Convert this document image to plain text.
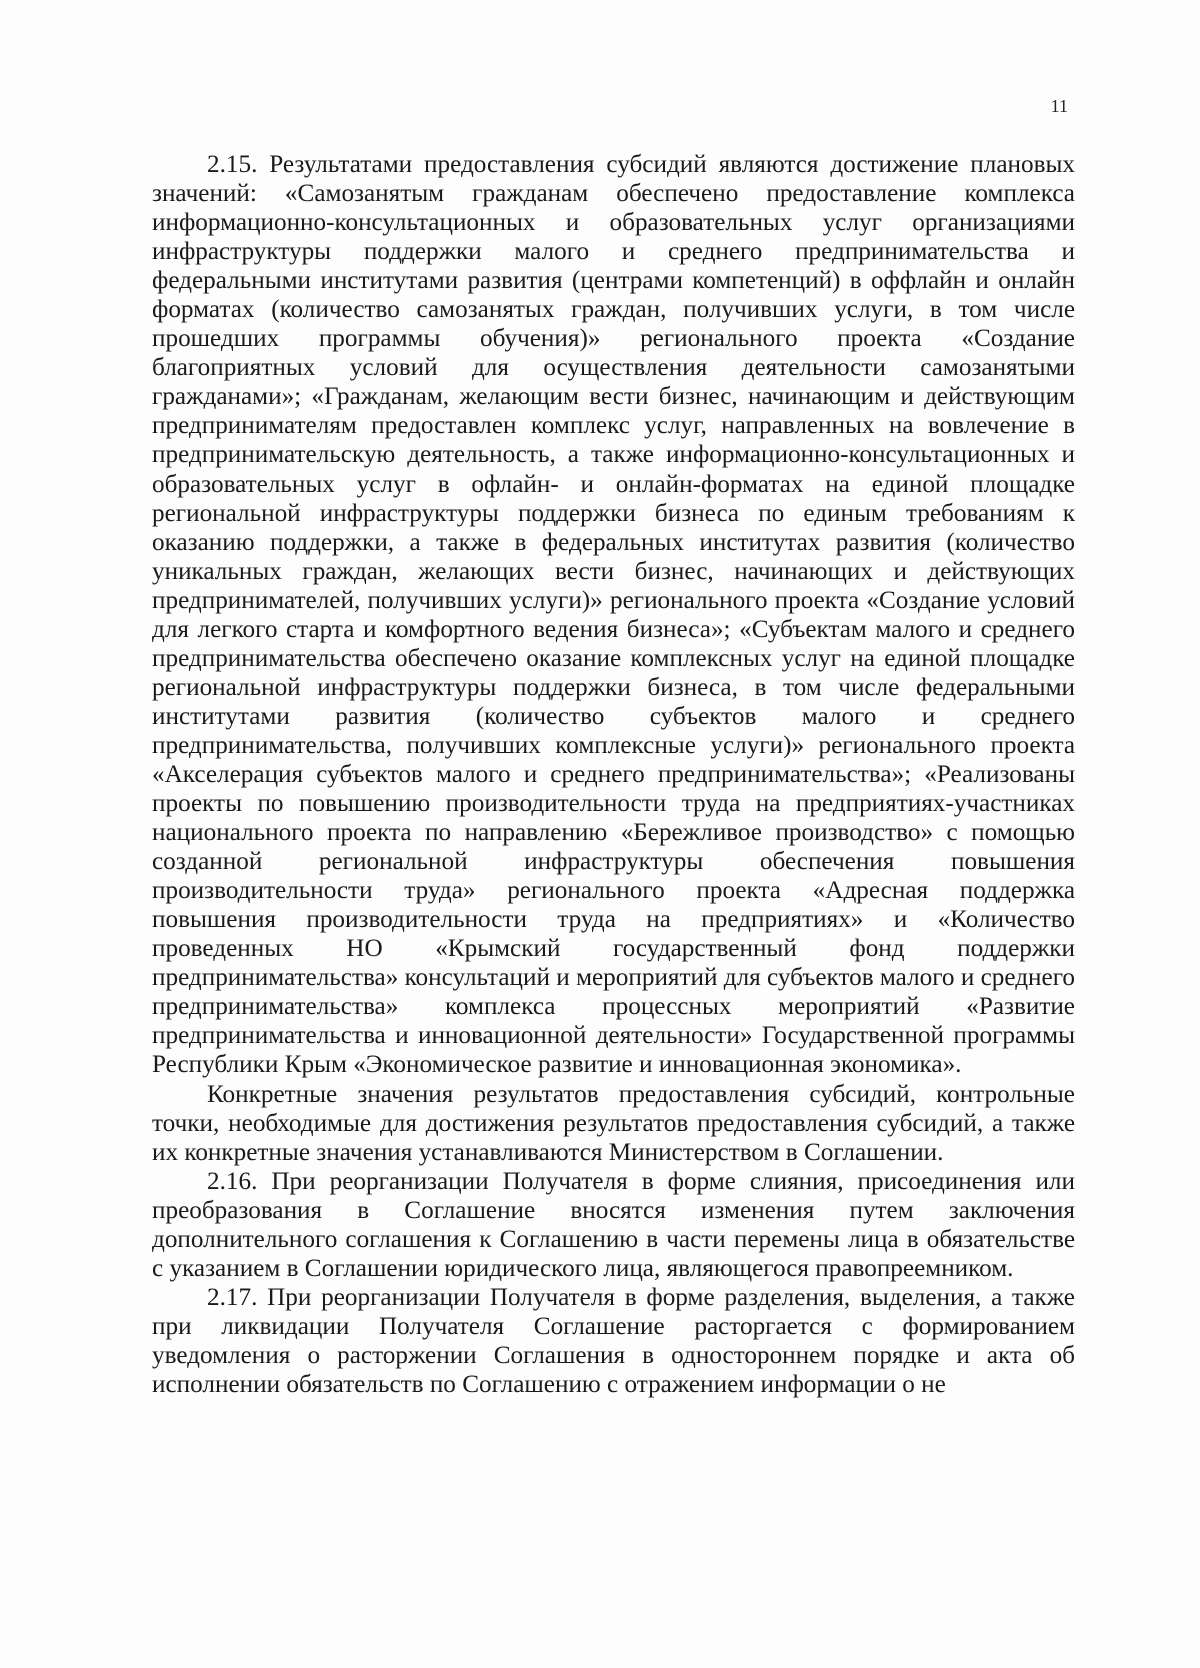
11

2.15. Результатами предоставления субсидий являются достижение плановых значений: «Самозанятым гражданам обеспечено предоставление комплекса информационно-консультационных и образовательных услуг организациями инфраструктуры поддержки малого и среднего предпринимательства и федеральными институтами развития (центрами компетенций) в оффлайн и онлайн форматах (количество самозанятых граждан, получивших услуги, в том числе прошедших программы обучения)» регионального проекта «Создание благоприятных условий для осуществления деятельности самозанятыми гражданами»; «Гражданам, желающим вести бизнес, начинающим и действующим предпринимателям предоставлен комплекс услуг, направленных на вовлечение в предпринимательскую деятельность, а также информационно-консультационных и образовательных услуг в офлайн- и онлайн-форматах на единой площадке региональной инфраструктуры поддержки бизнеса по единым требованиям к оказанию поддержки, а также в федеральных институтах развития (количество уникальных граждан, желающих вести бизнес, начинающих и действующих предпринимателей, получивших услуги)» регионального проекта «Создание условий для легкого старта и комфортного ведения бизнеса»; «Субъектам малого и среднего предпринимательства обеспечено оказание комплексных услуг на единой площадке региональной инфраструктуры поддержки бизнеса, в том числе федеральными институтами развития (количество субъектов малого и среднего предпринимательства, получивших комплексные услуги)» регионального проекта «Акселерация субъектов малого и среднего предпринимательства»; «Реализованы проекты по повышению производительности труда на предприятиях-участниках национального проекта по направлению «Бережливое производство» с помощью созданной региональной инфраструктуры обеспечения повышения производительности труда» регионального проекта «Адресная поддержка повышения производительности труда на предприятиях» и «Количество проведенных НО «Крымский государственный фонд поддержки предпринимательства» консультаций и мероприятий для субъектов малого и среднего предпринимательства» комплекса процессных мероприятий «Развитие предпринимательства и инновационной деятельности» Государственной программы Республики Крым «Экономическое развитие и инновационная экономика».

Конкретные значения результатов предоставления субсидий, контрольные точки, необходимые для достижения результатов предоставления субсидий, а также их конкретные значения устанавливаются Министерством в Соглашении.

2.16. При реорганизации Получателя в форме слияния, присоединения или преобразования в Соглашение вносятся изменения путем заключения дополнительного соглашения к Соглашению в части перемены лица в обязательстве с указанием в Соглашении юридического лица, являющегося правопреемником.

2.17. При реорганизации Получателя в форме разделения, выделения, а также при ликвидации Получателя Соглашение расторгается с формированием уведомления о расторжении Соглашения в одностороннем порядке и акта об исполнении обязательств по Соглашению с отражением информации о не
